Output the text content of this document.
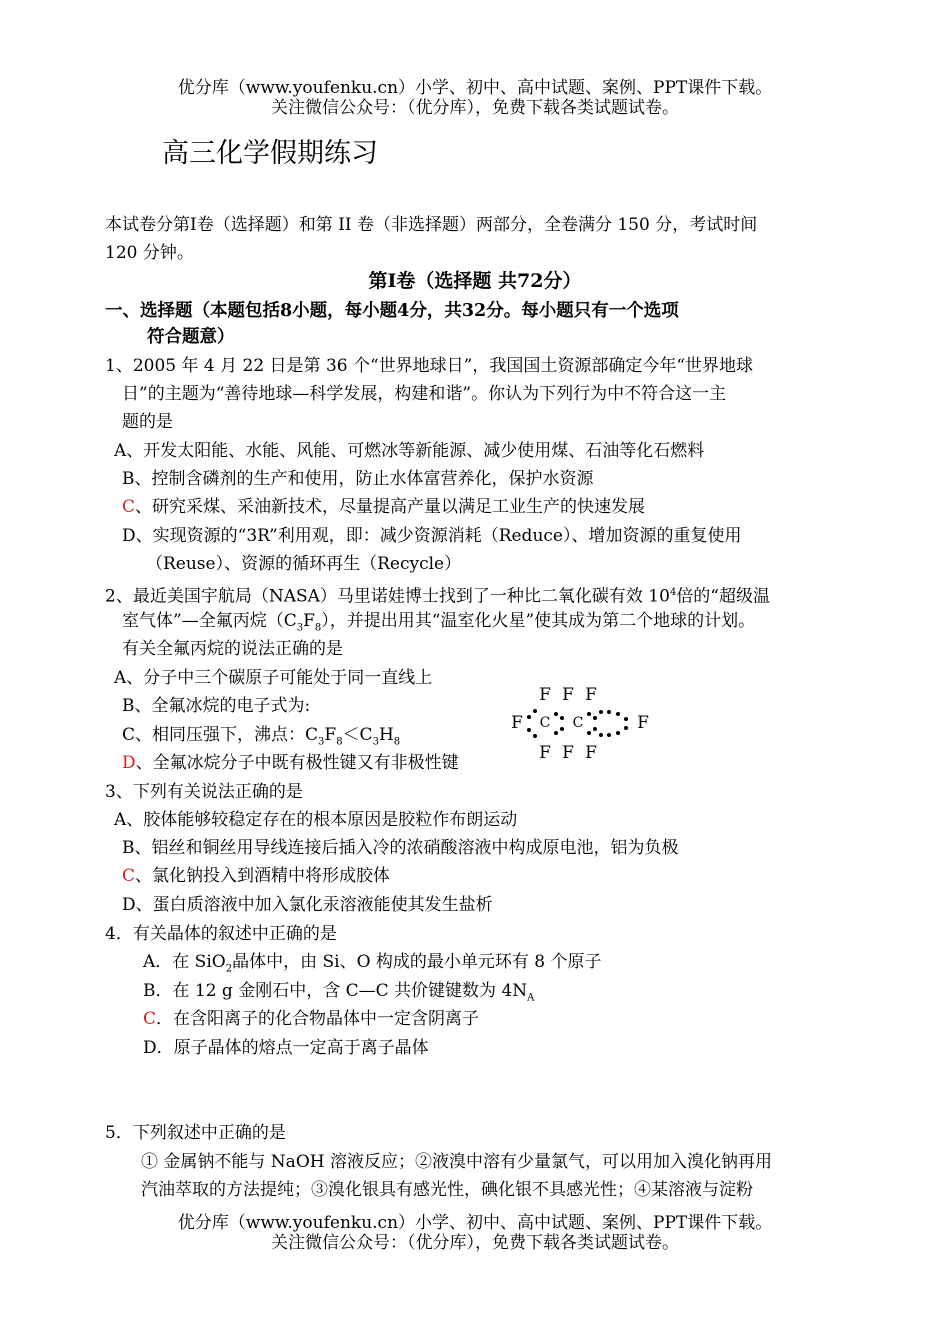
优分库（www.youfenku.cn）小学、初中、高中试题、案例、PPT课件下载。
关注微信公众号：（优分库），免费下载各类试题试卷。
高三化学假期练习
本试卷分第Ⅰ卷（选择题）和第 II 卷（非选择题）两部分，全卷满分 150 分，考试时间
120 分钟。
第Ⅰ卷（选择题 共72分）
一、选择题（本题包括8小题，每小题4分，共32分。每小题只有一个选项
符合题意）
1、2005 年 4 月 22 日是第 36 个“世界地球日”，我国国土资源部确定今年“世界地球
日”的主题为“善待地球—科学发展，构建和谐”。你认为下列行为中不符合这一主
题的是
A、开发太阳能、水能、风能、可燃冰等新能源、减少使用煤、石油等化石燃料
B、控制含磷剂的生产和使用，防止水体富营养化，保护水资源
C、研究采煤、采油新技术，尽量提高产量以满足工业生产的快速发展
D、实现资源的“3R”利用观，即：减少资源消耗（Reduce）、增加资源的重复使用
（Reuse）、资源的循环再生（Recycle）
2、最近美国宇航局（NASA）马里诺娃博士找到了一种比二氧化碳有效 $10^4$倍的“超级温
室气体”—全氟丙烷$(C_3F_8)$，并提出用其“温室化火星”使其成为第二个地球的计划。
有关全氟丙烷的说法正确的是
A、分子中三个碳原子可能处于同一直线上
B、全氟冰烷的电子式为:
C、相同压强下，沸点：$C_3F_8<C_3H_8$
D、全氟冰烷分子中既有极性键又有非极性键
F F F
F	F
F F F
C C
3、下列有关说法正确的是
A、胶体能够较稳定存在的根本原因是胶粒作布朗运动
B、铝丝和铜丝用导线连接后插入冷的浓硝酸溶液中构成原电池，铝为负极
C、氯化钠投入到酒精中将形成胶体
D、蛋白质溶液中加入氯化汞溶液能使其发生盐析
4．有关晶体的叙述中正确的是
A．在 SiO$_2$晶体中，由 Si、O 构成的最小单元环有 8 个原子
B．在 12 g 金刚石中，含 C—C 共价键键数为 $4N_A$
C．在含阳离子的化合物晶体中一定含阴离子
D．原子晶体的熔点一定高于离子晶体
5．下列叙述中正确的是
① 金属钠不能与 NaOH 溶液反应；②液溴中溶有少量氯气，可以用加入溴化钠再用
汽油萃取的方法提纯；③溴化银具有感光性，碘化银不具感光性；④某溶液与淀粉
优分库（www.youfenku.cn）小学、初中、高中试题、案例、PPT课件下载。
关注微信公众号：（优分库），免费下载各类试题试卷。
